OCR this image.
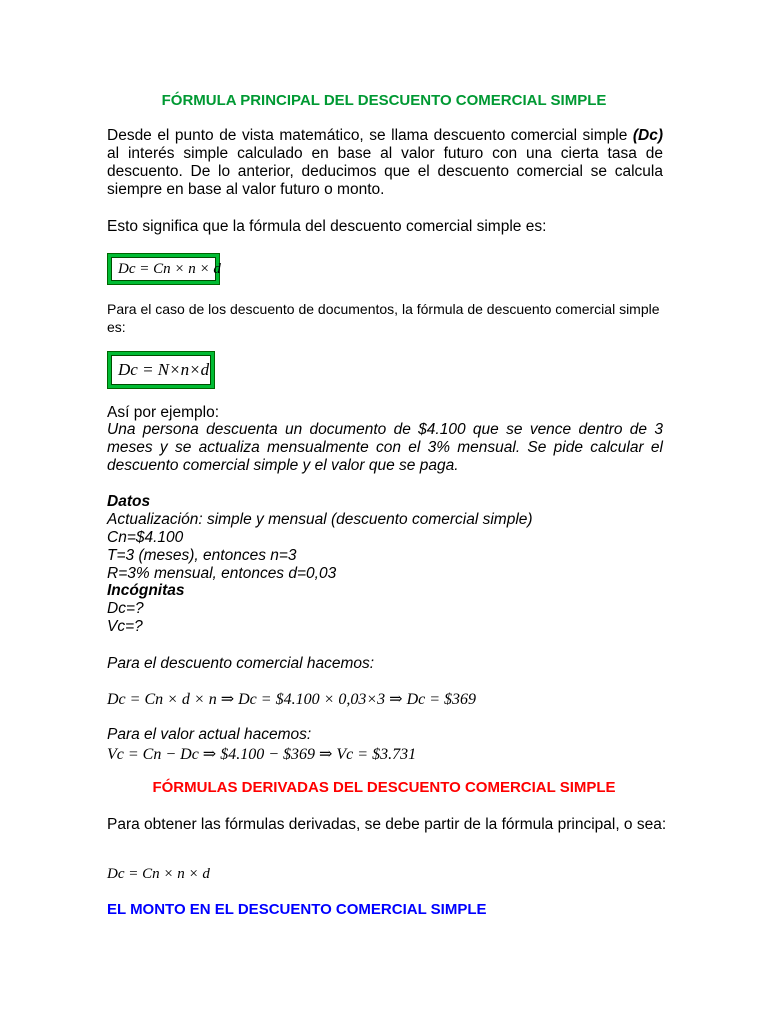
FÓRMULA PRINCIPAL DEL DESCUENTO COMERCIAL SIMPLE
Desde el punto de vista matemático, se llama descuento comercial simple (Dc) al interés simple calculado en base al valor futuro con una cierta tasa de descuento. De lo anterior, deducimos que el descuento comercial se calcula siempre en base al valor futuro o monto.
Esto significa que la fórmula del descuento comercial simple es:
Dc = Cn × n × d
Para el caso de los descuento de documentos, la fórmula de descuento comercial simple es:
Dc = N×n×d
Así por ejemplo:
Una persona descuenta un documento de $4.100 que se vence dentro de 3 meses y se actualiza mensualmente con el 3% mensual. Se pide calcular el descuento comercial simple y el valor que se paga.
Datos
Actualización: simple y mensual (descuento comercial simple)
Cn=$4.100
T=3 (meses), entonces n=3
R=3% mensual, entonces d=0,03
Incógnitas
Dc=?
Vc=?
Para el descuento comercial hacemos:
Dc = Cn × d × n ⇒ Dc = $4.100 × 0,03×3 ⇒ Dc = $369
Para el valor actual hacemos:
Vc = Cn − Dc ⇒ $4.100 − $369 ⇒ Vc = $3.731
FÓRMULAS DERIVADAS DEL DESCUENTO COMERCIAL SIMPLE
Para obtener las fórmulas derivadas, se debe partir de la fórmula principal, o sea:
Dc = Cn × n × d
EL MONTO EN EL DESCUENTO COMERCIAL SIMPLE
